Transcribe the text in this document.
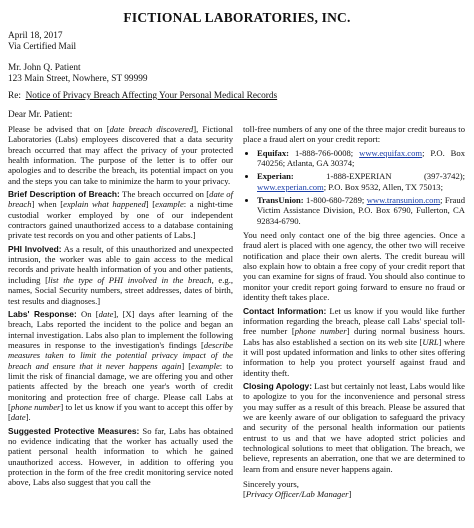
FICTIONAL LABORATORIES, INC.
April 18, 2017
Via Certified Mail
Mr. John Q. Patient
123 Main Street, Nowhere, ST 99999
Re: Notice of Privacy Breach Affecting Your Personal Medical Records
Dear Mr. Patient:

Please be advised that on [date breach discovered], Fictional Laboratories (Labs) employees discovered that a data security breach occurred that may affect the privacy of your protected health information. The purpose of the letter is to offer our apologies and to describe the breach, its potential impact on you and the steps you can take to minimize the harm to your privacy.

Brief Description of Breach: The breach occurred on [date of breach] when [explain what happened] [example: a night-time custodial worker employed by one of our independent contractors gained unauthorized access to a database containing private test records on you and other patients of Labs.]

PHI Involved: As a result, of this unauthorized and unexpected intrusion, the worker was able to gain access to the medical records and private health information of you and other patients, including [list the type of PHI involved in the breach, e.g., names, Social Security numbers, street addresses, dates of birth, test results and diagnoses.]

Labs' Response: On [date], [X] days after learning of the breach, Labs reported the incident to the police and began an internal investigation. Labs also plan to implement the following measures in response to the investigation's findings [describe measures taken to limit the potential privacy impact of the breach and ensure that it never happens again] [example: to limit the risk of financial damage, we are offering you and other patients affected by the breach one year's worth of credit monitoring and protection free of charge. Please call Labs at [phone number] to let us know if you want to accept this offer by [date].

Suggested Protective Measures: So far, Labs has obtained no evidence indicating that the worker has actually used the patient personal health information to which he gained unauthorized access. However, in addition to offering you protection in the form of the free credit monitoring service noted above, Labs also suggest that you call the

toll-free numbers of any one of the three major credit bureaus to place a fraud alert on your credit report:

• Equifax: 1-888-766-0008; www.equifax.com; P.O. Box 740256; Atlanta, GA 30374;
• Experian: 1-888-EXPERIAN (397-3742); www.experian.com; P.O. Box 9532, Allen, TX 75013;
• TransUnion: 1-800-680-7289; www.transunion.com; Fraud Victim Assistance Division, P.O. Box 6790, Fullerton, CA 92834-6790.

You need only contact one of the big three agencies. Once a fraud alert is placed with one agency, the other two will receive notification and place their own alerts. The credit bureau will also explain how to obtain a free copy of your credit report that you can examine for signs of fraud. You should also continue to monitor your credit report going forward to ensure no fraud or identity theft takes place.

Contact Information: Let us know if you would like further information regarding the breach, please call Labs' special toll-free number [phone number] during normal business hours. Labs has also established a section on its web site [URL] where it will post updated information and links to other sites offering information to help you protect yourself against fraud and identity theft.

Closing Apology: Last but certainly not least, Labs would like to apologize to you for the inconvenience and personal stress you may suffer as a result of this breach. Please be assured that we are keenly aware of our obligation to safeguard the privacy and security of the personal health information our patients entrust to us and that we have adopted strict policies and technological solutions to meet that obligation. The breach, we believe, represents an aberration, one that we are determined to learn from and ensure never happens again.

Sincerely yours,

[Privacy Officer/Lab Manager]
